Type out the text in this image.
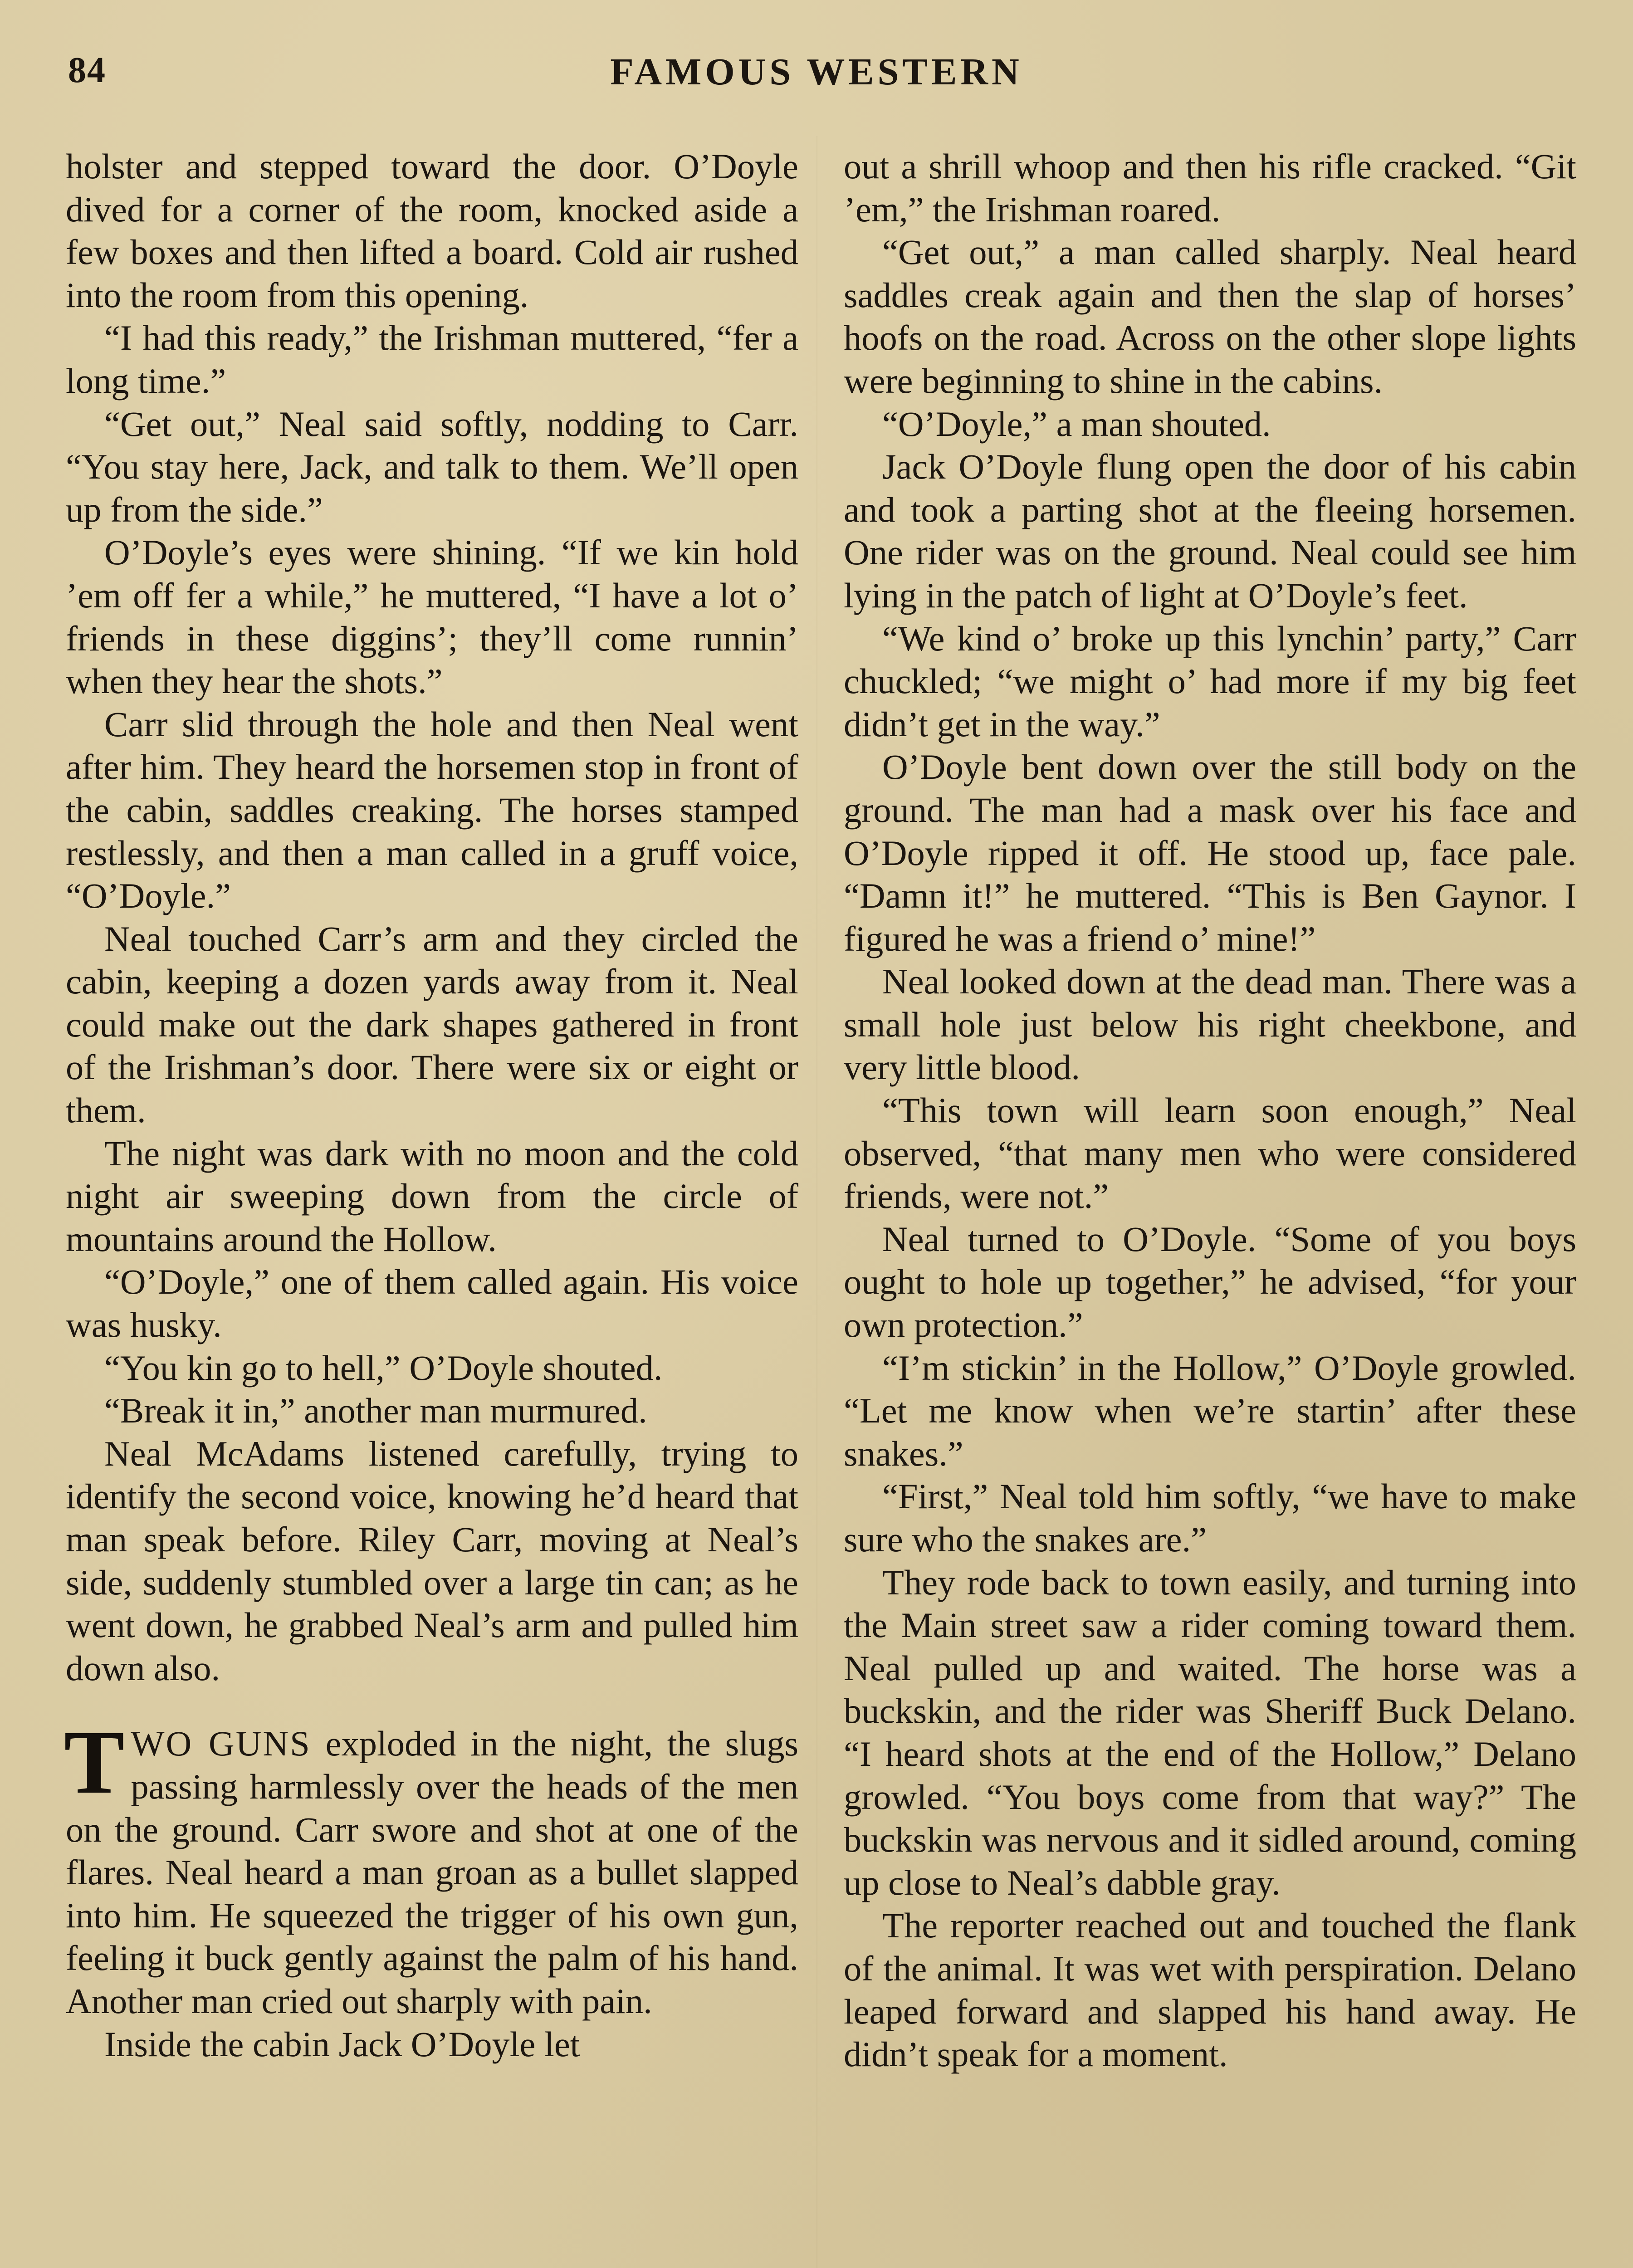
84	FAMOUS WESTERN

holster and stepped toward the door. O’Doyle dived for a corner of the room, knocked aside a few boxes and then lifted a board. Cold air rushed into the room from this opening.

“I had this ready,” the Irishman muttered, “fer a long time.”

“Get out,” Neal said softly, nodding to Carr. “You stay here, Jack, and talk to them. We’ll open up from the side.”

O’Doyle’s eyes were shining. “If we kin hold ’em off fer a while,” he muttered, “I have a lot o’ friends in these diggins’; they’ll come runnin’ when they hear the shots.”

Carr slid through the hole and then Neal went after him. They heard the horsemen stop in front of the cabin, saddles creaking. The horses stamped restlessly, and then a man called in a gruff voice, “O’Doyle.”

Neal touched Carr’s arm and they circled the cabin, keeping a dozen yards away from it. Neal could make out the dark shapes gathered in front of the Irishman’s door. There were six or eight or them.

The night was dark with no moon and the cold night air sweeping down from the circle of mountains around the Hollow.

“O’Doyle,” one of them called again. His voice was husky.

“You kin go to hell,” O’Doyle shouted.

“Break it in,” another man murmured.

Neal McAdams listened carefully, trying to identify the second voice, knowing he’d heard that man speak before. Riley Carr, moving at Neal’s side, suddenly stumbled over a large tin can; as he went down, he grabbed Neal’s arm and pulled him down also.

TWO GUNS exploded in the night, the slugs passing harmlessly over the heads of the men on the ground. Carr swore and shot at one of the flares. Neal heard a man groan as a bullet slapped into him. He squeezed the trigger of his own gun, feeling it buck gently against the palm of his hand. Another man cried out sharply with pain.

Inside the cabin Jack O’Doyle let

out a shrill whoop and then his rifle cracked. “Git ’em,” the Irishman roared.

“Get out,” a man called sharply. Neal heard saddles creak again and then the slap of horses’ hoofs on the road. Across on the other slope lights were beginning to shine in the cabins.

“O’Doyle,” a man shouted.

Jack O’Doyle flung open the door of his cabin and took a parting shot at the fleeing horsemen. One rider was on the ground. Neal could see him lying in the patch of light at O’Doyle’s feet.

“We kind o’ broke up this lynchin’ party,” Carr chuckled; “we might o’ had more if my big feet didn’t get in the way.”

O’Doyle bent down over the still body on the ground. The man had a mask over his face and O’Doyle ripped it off. He stood up, face pale. “Damn it!” he muttered. “This is Ben Gaynor. I figured he was a friend o’ mine!”

Neal looked down at the dead man. There was a small hole just below his right cheekbone, and very little blood.

“This town will learn soon enough,” Neal observed, “that many men who were considered friends, were not.”

Neal turned to O’Doyle. “Some of you boys ought to hole up together,” he advised, “for your own protection.”

“I’m stickin’ in the Hollow,” O’Doyle growled. “Let me know when we’re startin’ after these snakes.”

“First,” Neal told him softly, “we have to make sure who the snakes are.”

They rode back to town easily, and turning into the Main street saw a rider coming toward them. Neal pulled up and waited. The horse was a buckskin, and the rider was Sheriff Buck Delano. “I heard shots at the end of the Hollow,” Delano growled. “You boys come from that way?” The buckskin was nervous and it sidled around, coming up close to Neal’s dabble gray.

The reporter reached out and touched the flank of the animal. It was wet with perspiration. Delano leaped forward and slapped his hand away. He didn’t speak for a moment.
